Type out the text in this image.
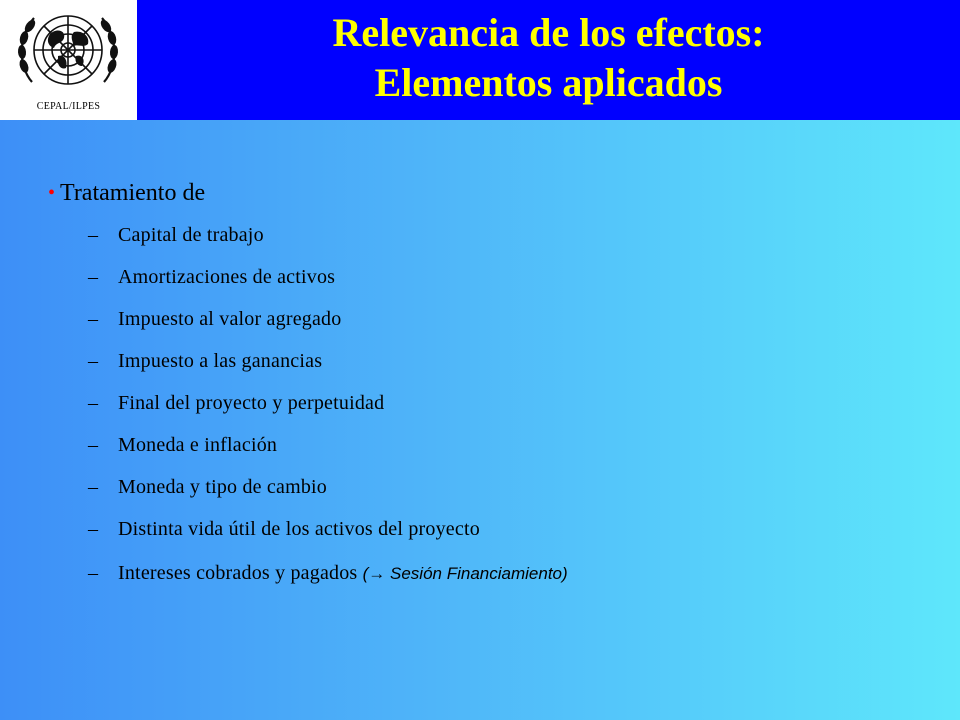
CEPAL/ILPES
Relevancia de los efectos:
Elementos aplicados
• Tratamiento de
– Capital de trabajo
– Amortizaciones de activos
– Impuesto al valor agregado
– Impuesto a las ganancias
– Final del proyecto y perpetuidad
– Moneda e inflación
– Moneda y tipo de cambio
– Distinta vida útil de los activos del proyecto
– Intereses cobrados y pagados (→ Sesión Financiamiento)
